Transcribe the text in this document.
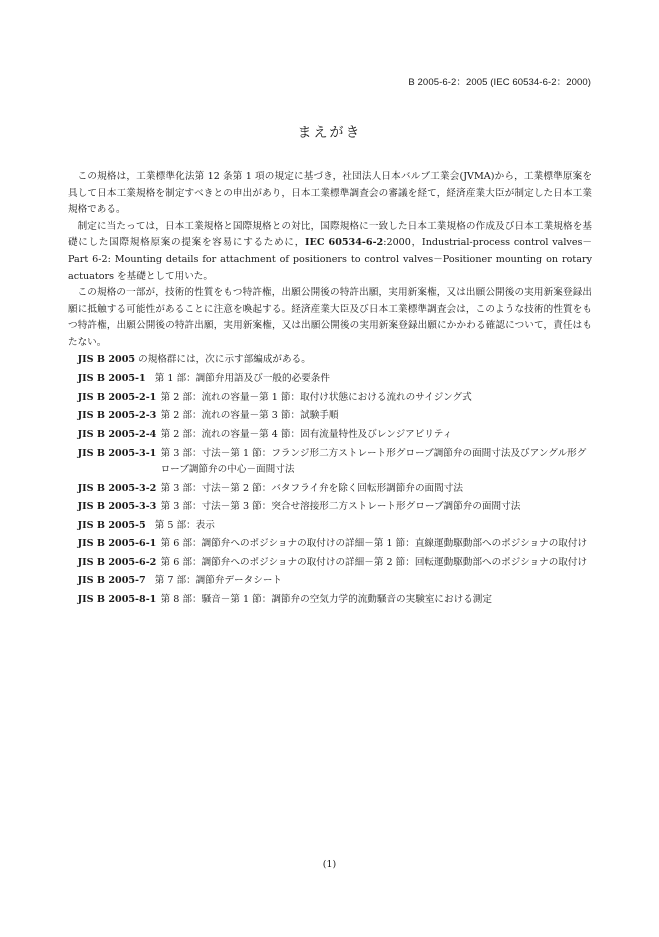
B 2005-6-2：2005 (IEC 60534-6-2：2000)
まえがき

この規格は，工業標準化法第 12 条第 1 項の規定に基づき，社団法人日本バルブ工業会(JVMA)から，工業標準原案を具して日本工業規格を制定すべきとの申出があり，日本工業標準調査会の審議を経て，経済産業大臣が制定した日本工業規格である。

制定に当たっては，日本工業規格と国際規格との対比，国際規格に一致した日本工業規格の作成及び日本工業規格を基礎にした国際規格原案の提案を容易にするために，IEC 60534-6-2:2000，Industrial-process control valves－Part 6-2: Mounting details for attachment of positioners to control valves－Positioner mounting on rotary actuators を基礎として用いた。

この規格の一部が，技術的性質をもつ特許権，出願公開後の特許出願，実用新案権，又は出願公開後の実用新案登録出願に抵触する可能性があることに注意を喚起する。経済産業大臣及び日本工業標準調査会は，このような技術的性質をもつ特許権，出願公開後の特許出願，実用新案権，又は出願公開後の実用新案登録出願にかかわる確認について，責任はもたない。

JIS B 2005 の規格群には，次に示す部編成がある。

JIS B 2005-1 第 1 部：調節弁用語及び一般的必要条件
JIS B 2005-2-1 第 2 部：流れの容量－第 1 節：取付け状態における流れのサイジング式
JIS B 2005-2-3 第 2 部：流れの容量－第 3 節：試験手順
JIS B 2005-2-4 第 2 部：流れの容量－第 4 節：固有流量特性及びレンジアビリティ
JIS B 2005-3-1 第 3 部：寸法－第 1 節：フランジ形二方ストレート形グローブ調節弁の面間寸法及びアングル形グローブ調節弁の中心－面間寸法
JIS B 2005-3-2 第 3 部：寸法－第 2 節：バタフライ弁を除く回転形調節弁の面間寸法
JIS B 2005-3-3 第 3 部：寸法－第 3 節：突合せ溶接形二方ストレート形グローブ調節弁の面間寸法
JIS B 2005-5 第 5 部：表示
JIS B 2005-6-1 第 6 部：調節弁へのポジショナの取付けの詳細－第 1 節：直線運動駆動部へのポジショナの取付け
JIS B 2005-6-2 第 6 部：調節弁へのポジショナの取付けの詳細－第 2 節：回転運動駆動部へのポジショナの取付け
JIS B 2005-7 第 7 部：調節弁データシート
JIS B 2005-8-1 第 8 部：騒音－第 1 節：調節弁の空気力学的流動騒音の実験室における測定
(1)
